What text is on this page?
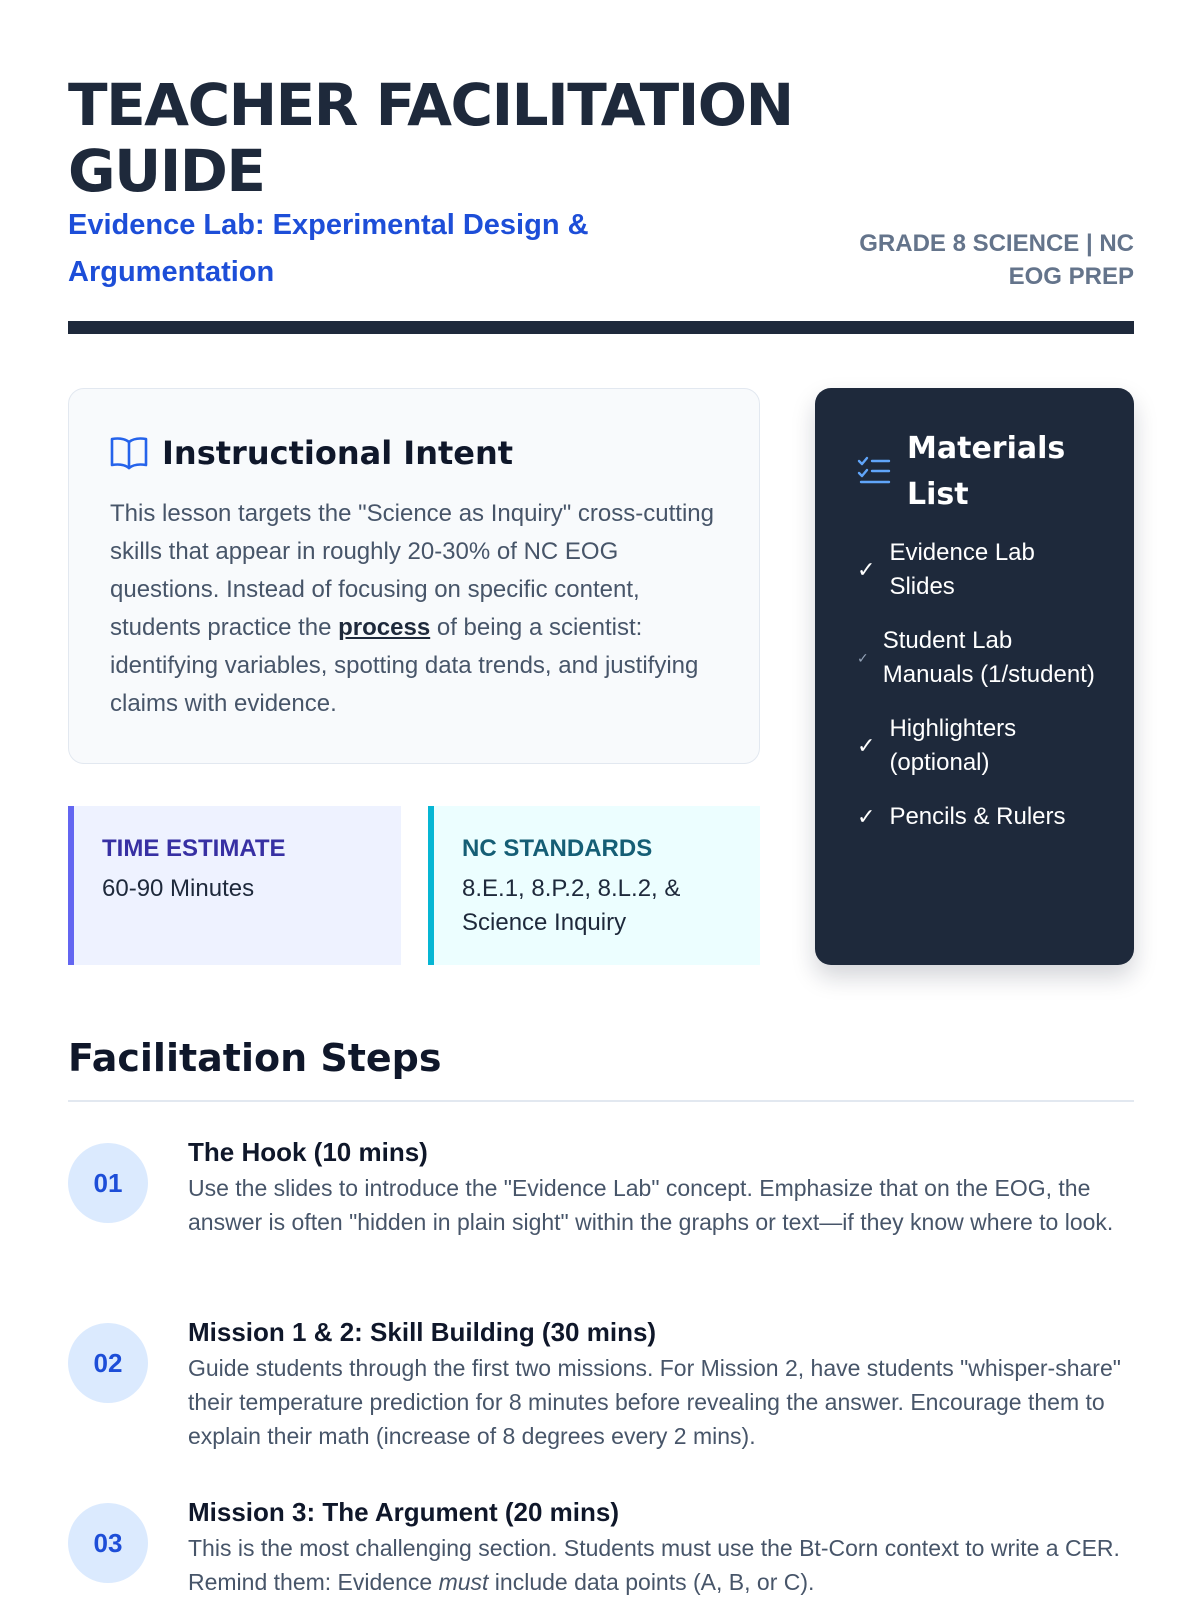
TEACHER FACILITATION GUIDE
Evidence Lab: Experimental Design & Argumentation
GRADE 8 SCIENCE | NC EOG PREP
Instructional Intent

This lesson targets the "Science as Inquiry" cross-cutting skills that appear in roughly 20-30% of NC EOG questions. Instead of focusing on specific content, students practice the process of being a scientist: identifying variables, spotting data trends, and justifying claims with evidence.

TIME ESTIMATE
60-90 Minutes
NC STANDARDS
8.E.1, 8.P.2, 8.L.2, & Science Inquiry
Materials
List
✓
Evidence Lab Slides
✓
Student Lab Manuals (1/student)
✓
Highlighters (optional)
✓ Pencils & Rulers
Facilitation Steps
01
The Hook (10 mins)
Use the slides to introduce the "Evidence Lab" concept. Emphasize that on the EOG, the answer is often "hidden in plain sight" within the graphs or text—if they know where to look.
02
Mission 1 & 2: Skill Building (30 mins)
Guide students through the first two missions. For Mission 2, have students "whisper-share" their temperature prediction for 8 minutes before revealing the answer. Encourage them to explain their math (increase of 8 degrees every 2 mins).
03
Mission 3: The Argument (20 mins)
This is the most challenging section. Students must use the Bt-Corn context to write a CER. Remind them: Evidence must include data points (A, B, or C).
